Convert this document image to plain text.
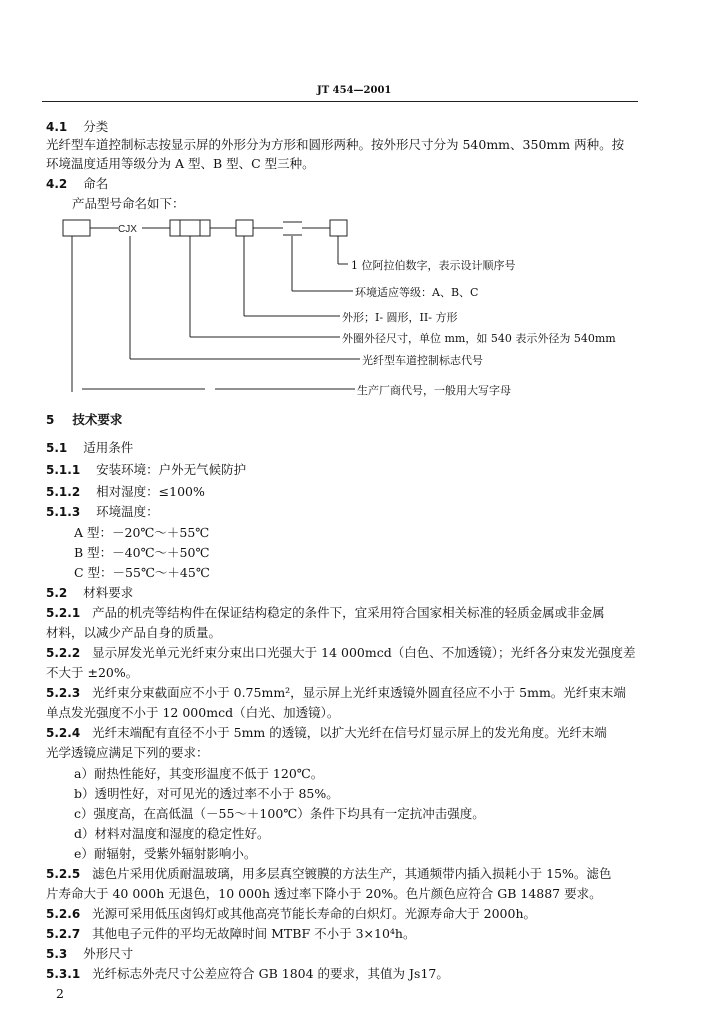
JT 454—2001
4.1 分类
光纤型车道控制标志按显示屏的外形分为方形和圆形两种。按外形尺寸分为 540mm、350mm 两种。按
环境温度适用等级分为 A 型、B 型、C 型三种。
4.2 命名
产品型号命名如下：
CJX
1 位阿拉伯数字，表示设计顺序号
环境适应等级：A、B、C
外形；I- 圆形，II- 方形
外圈外径尺寸，单位 mm，如 540 表示外径为 540mm
光纤型车道控制标志代号
生产厂商代号，一般用大写字母
5 技术要求
5.1 适用条件
5.1.1 安装环境：户外无气候防护
5.1.2 相对湿度：≤100%
5.1.3 环境温度：
A 型：－20℃～＋55℃
B 型：－40℃～＋50℃
C 型：－55℃～＋45℃
5.2 材料要求
5.2.1 产品的机壳等结构件在保证结构稳定的条件下，宜采用符合国家相关标准的轻质金属或非金属
材料，以减少产品自身的质量。
5.2.2 显示屏发光单元光纤束分束出口光强大于 14 000mcd（白色、不加透镜）；光纤各分束发光强度差
不大于 ±20%。
5.2.3 光纤束分束截面应不小于 0.75mm²，显示屏上光纤束透镜外圆直径应不小于 5mm。光纤束末端
单点发光强度不小于 12 000mcd（白光、加透镜）。
5.2.4 光纤末端配有直径不小于 5mm 的透镜，以扩大光纤在信号灯显示屏上的发光角度。光纤末端
光学透镜应满足下列的要求：
a）耐热性能好，其变形温度不低于 120℃。
b）透明性好，对可见光的透过率不小于 85%。
c）强度高，在高低温（－55～＋100℃）条件下均具有一定抗冲击强度。
d）材料对温度和湿度的稳定性好。
e）耐辐射，受紫外辐射影响小。
5.2.5 滤色片采用优质耐温玻璃，用多层真空镀膜的方法生产，其通频带内插入损耗小于 15%。滤色
片寿命大于 40 000h 无退色，10 000h 透过率下降小于 20%。色片颜色应符合 GB 14887 要求。
5.2.6 光源可采用低压卤钨灯或其他高亮节能长寿命的白炽灯。光源寿命大于 2000h。
5.2.7 其他电子元件的平均无故障时间 MTBF 不小于 3×10⁴h。
5.3 外形尺寸
5.3.1 光纤标志外壳尺寸公差应符合 GB 1804 的要求，其值为 Js17。
2
